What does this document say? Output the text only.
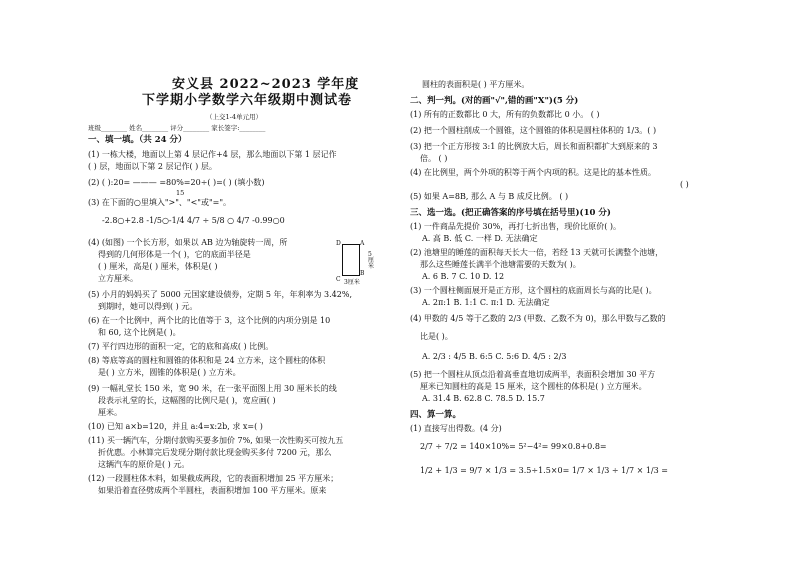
安义县 2022~2023 学年度
下学期小学数学六年级期中测试卷
（上交1-4单元用）
班级________ 姓名________ 评分________ 家长签字:________
一、填一填。（共 24 分）
(1) 一栋大楼，地面以上第 4 层记作+4 层，那么地面以下第 1 层记作
( ) 层，地面以下第 2 层记作( ) 层。
(2) ( ):20= ——— =80%=20÷( )=( ) (填小数)
15
(3) 在下面的○里填入">"、"<"或"="。
-2.8○+2.8 -1/5○-1/4 4/7 ÷ 5/8 ○ 4/7 -0.99○0
(4) (如图) 一个长方形，如果以 AB 边为轴旋转一周，所
得到的几何形体是一个( )，它的底面半径是
( ) 厘米，高是( ) 厘米，体积是( )
立方厘米。
(5) 小月的妈妈买了 5000 元国家建设债券，定期 5 年，年利率为 3.42%,
到期时，她可以得到( ) 元。
(6) 在一个比例中，两个比的比值等于 3，这个比例的内项分别是 10
和 60, 这个比例是( )。
(7) 平行四边形的面积一定，它的底和高成( ) 比例。
(8) 等底等高的圆柱和圆锥的体积和是 24 立方米，这个圆柱的体积
是( ) 立方米，圆锥的体积是( ) 立方米。
(9) 一幅礼堂长 150 米，宽 90 米，在一张平面图上用 30 厘米长的线
段表示礼堂的长，这幅图的比例尺是( )，宽应画( )
厘米。
(10) 已知 a×b=120，并且 a:4=x:2b, 求 x=( )
(11) 买一辆汽车，分期付款购买要多加价 7%, 如果一次性购买可按九五
折优惠。小林算完后发现分期付款比现金购买多付 7200 元，那么
这辆汽车的原价是( ) 元。
(12) 一段圆柱体木料，如果截成两段，它的表面积增加 25 平方厘米；
如果沿着直径劈成两个半圆柱，表面积增加 100 平方厘米。原来
A
B
C
D
3厘米
5厘米
圆柱的表面积是( ) 平方厘米。
二、判一判。(对的画"√",错的画"X")(5 分)
(1) 所有的正数都比 0 大，所有的负数都比 0 小。 ( )
(2) 把一个圆柱削成一个圆锥，这个圆锥的体积是圆柱体积的 1/3。( )
(3) 把一个正方形按 3:1 的比例放大后，周长和面积都扩大到原来的 3
倍。 ( )
(4) 在比例里，两个外项的积等于两个内项的积。这是比的基本性质。
( )
(5) 如果 A=8B, 那么 A 与 B 成反比例。 ( )
三、选一选。(把正确答案的序号填在括号里)(10 分)
(1) 一件商品先提价 30%，再打七折出售，现价比原价( )。
A. 高 B. 低 C. 一样 D. 无法确定
(2) 池塘里的睡莲的面积每天长大一倍，若经 13 天就可长满整个池塘，
那么这些睡莲长满半个池塘需要的天数为( )。
A. 6 B. 7 C. 10 D. 12
(3) 一个圆柱侧面展开是正方形，这个圆柱的底面周长与高的比是( )。
A. 2π:1 B. 1:1 C. π:1 D. 无法确定
(4) 甲数的 4/5 等于乙数的 2/3 (甲数、乙数不为 0)，那么甲数与乙数的
比是( )。
A. 2/3 : 4/5 B. 6:5 C. 5:6 D. 4/5 : 2/3
(5) 把一个圆柱从顶点沿着高垂直地切成两半，表面积会增加 30 平方
厘米已知圆柱的高是 15 厘米，这个圆柱的体积是( ) 立方厘米。
A. 31.4 B. 62.8 C. 78.5 D. 15.7
四、算一算。
(1) 直接写出得数。(4 分)
2/7 ÷ 7/2 = 140×10%= 5²−4²= 99×0.8+0.8=
1/2 + 1/3 = 9/7 × 1/3 = 3.5÷1.5×0= 1/7 × 1/3 ÷ 1/7 × 1/3 =
